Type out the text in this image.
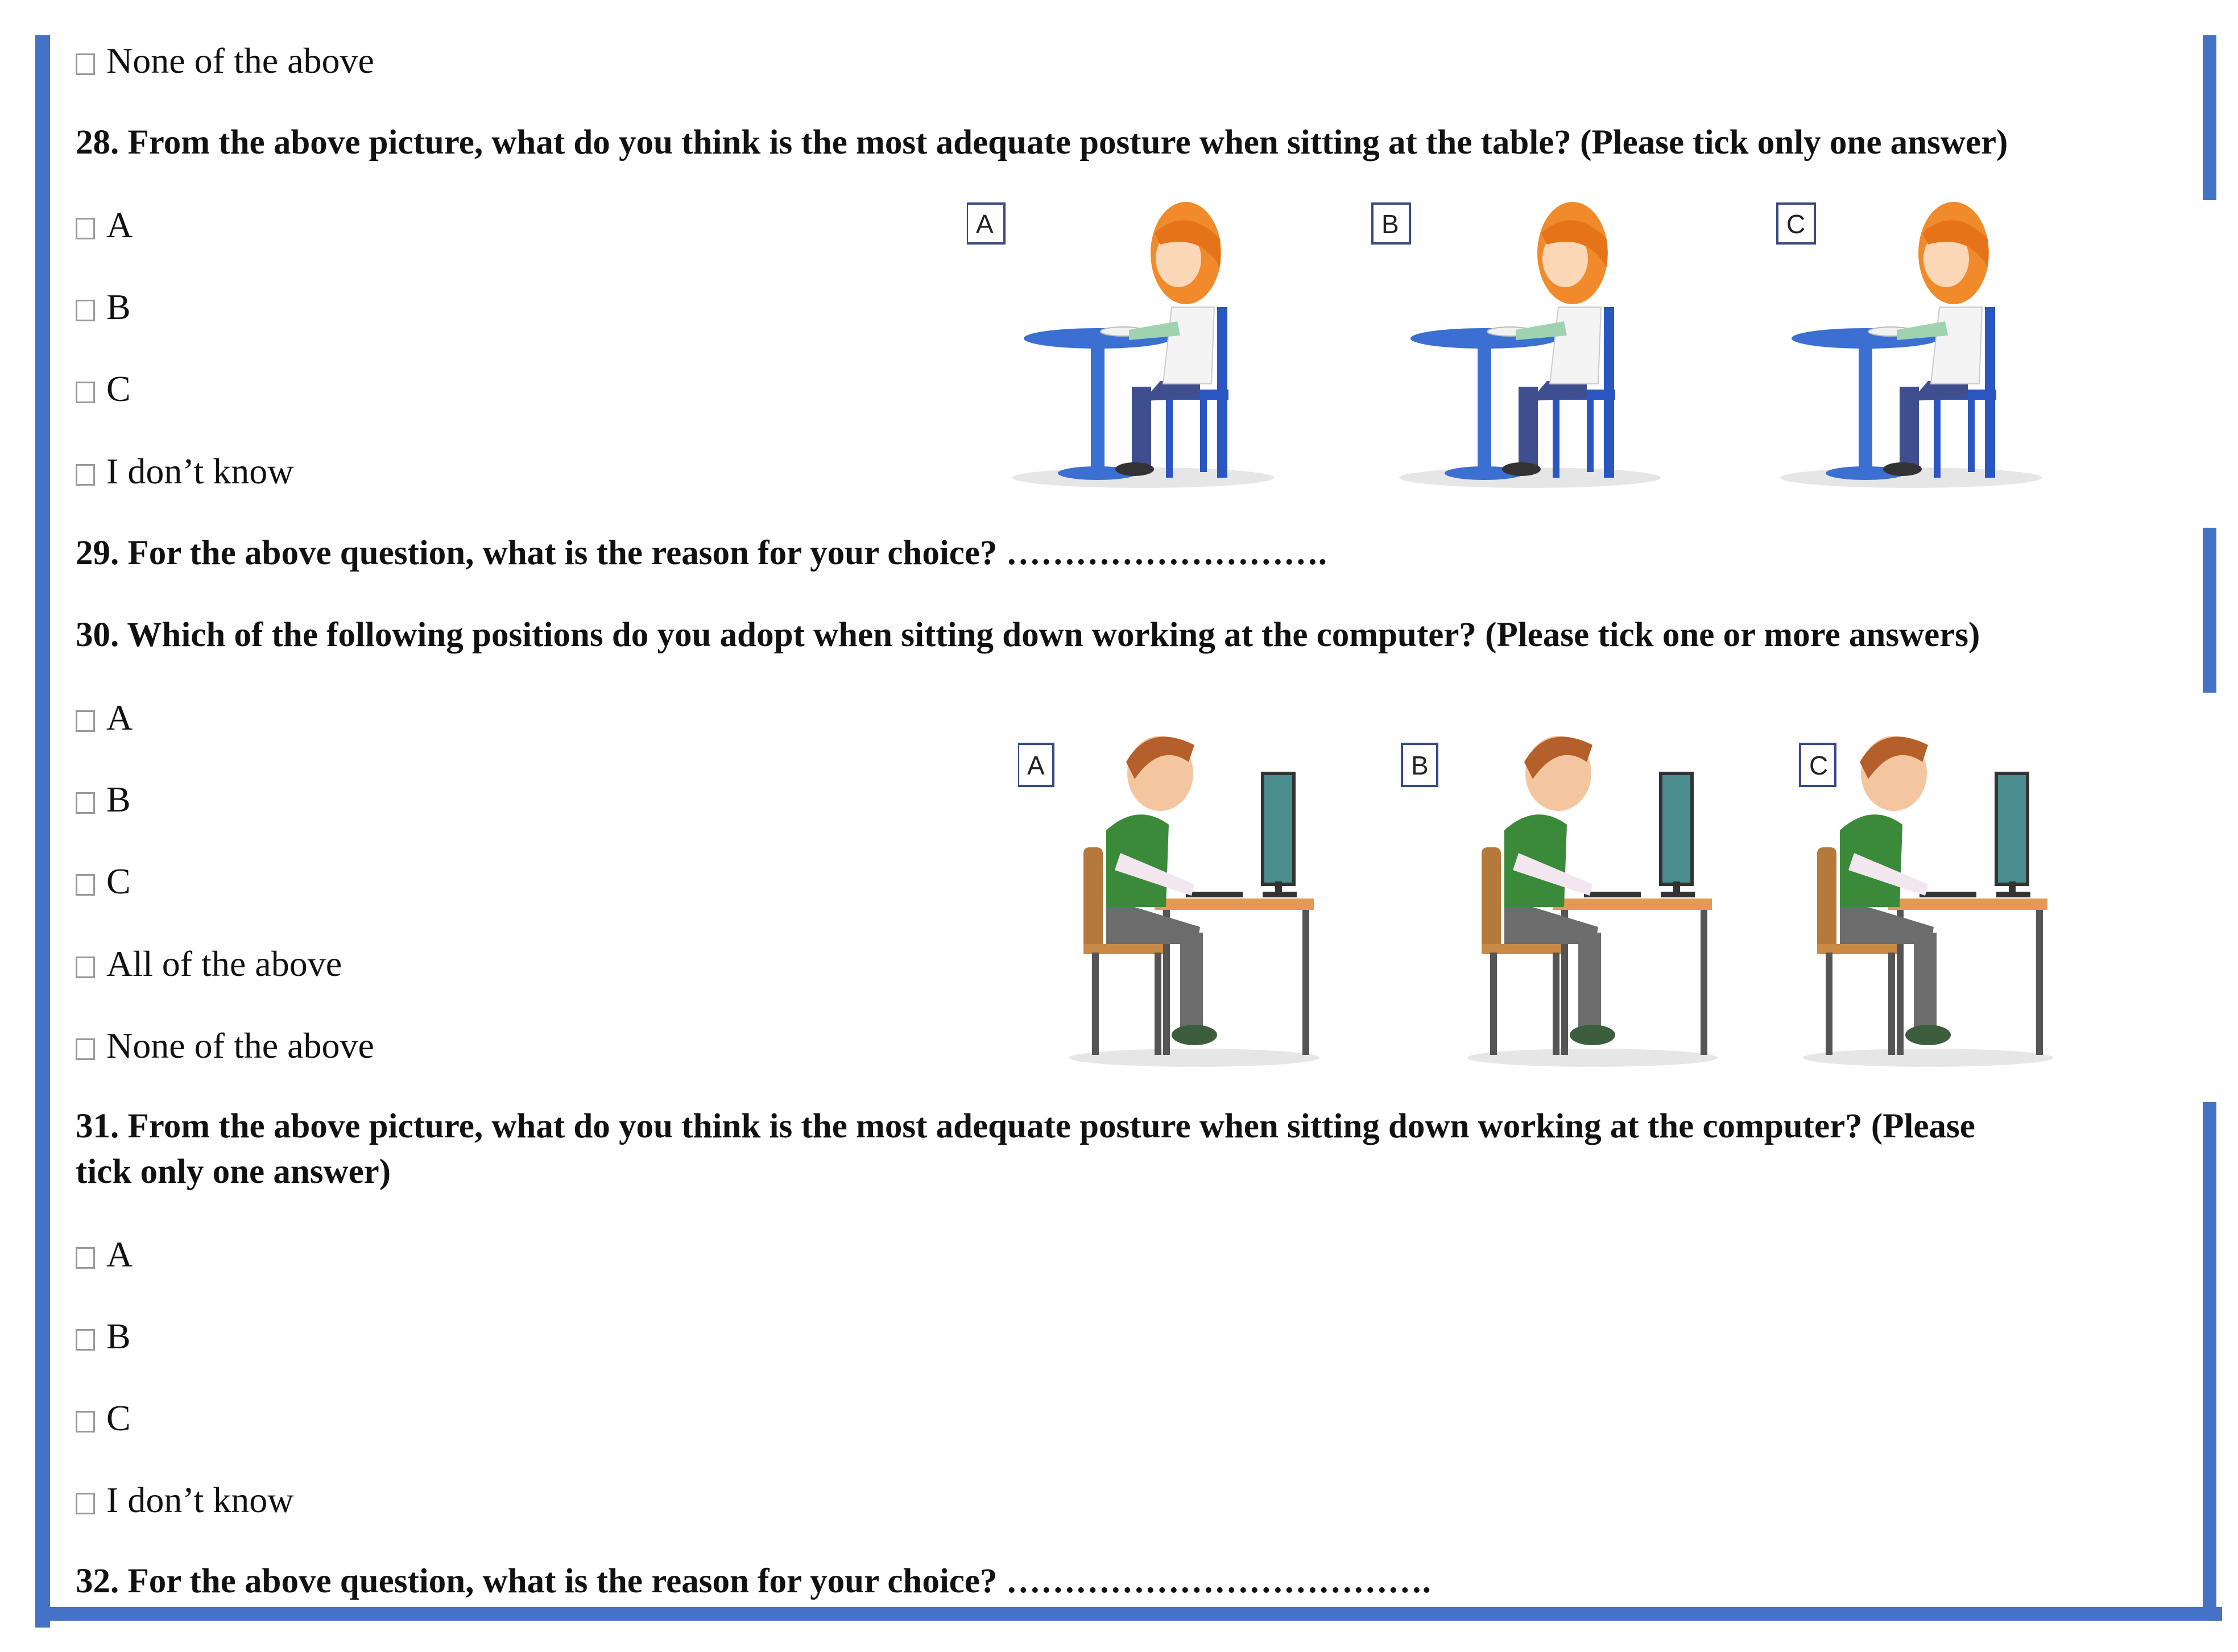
None of the above
28. From the above picture, what do you think is the most adequate posture when sitting at the table? (Please tick only one answer)
A
B
C
I don’t know
A	B	C
29. For the above question, what is the reason for your choice? ……………………….
30. Which of the following positions do you adopt when sitting down working at the computer? (Please tick one or more answers)
A
B
C
All of the above
None of the above
A	B	C
31. From the above picture, what do you think is the most adequate posture when sitting down working at the computer? (Please
tick only one answer)
A
B
C
I don’t know
32. For the above question, what is the reason for your choice? ……………………………….
